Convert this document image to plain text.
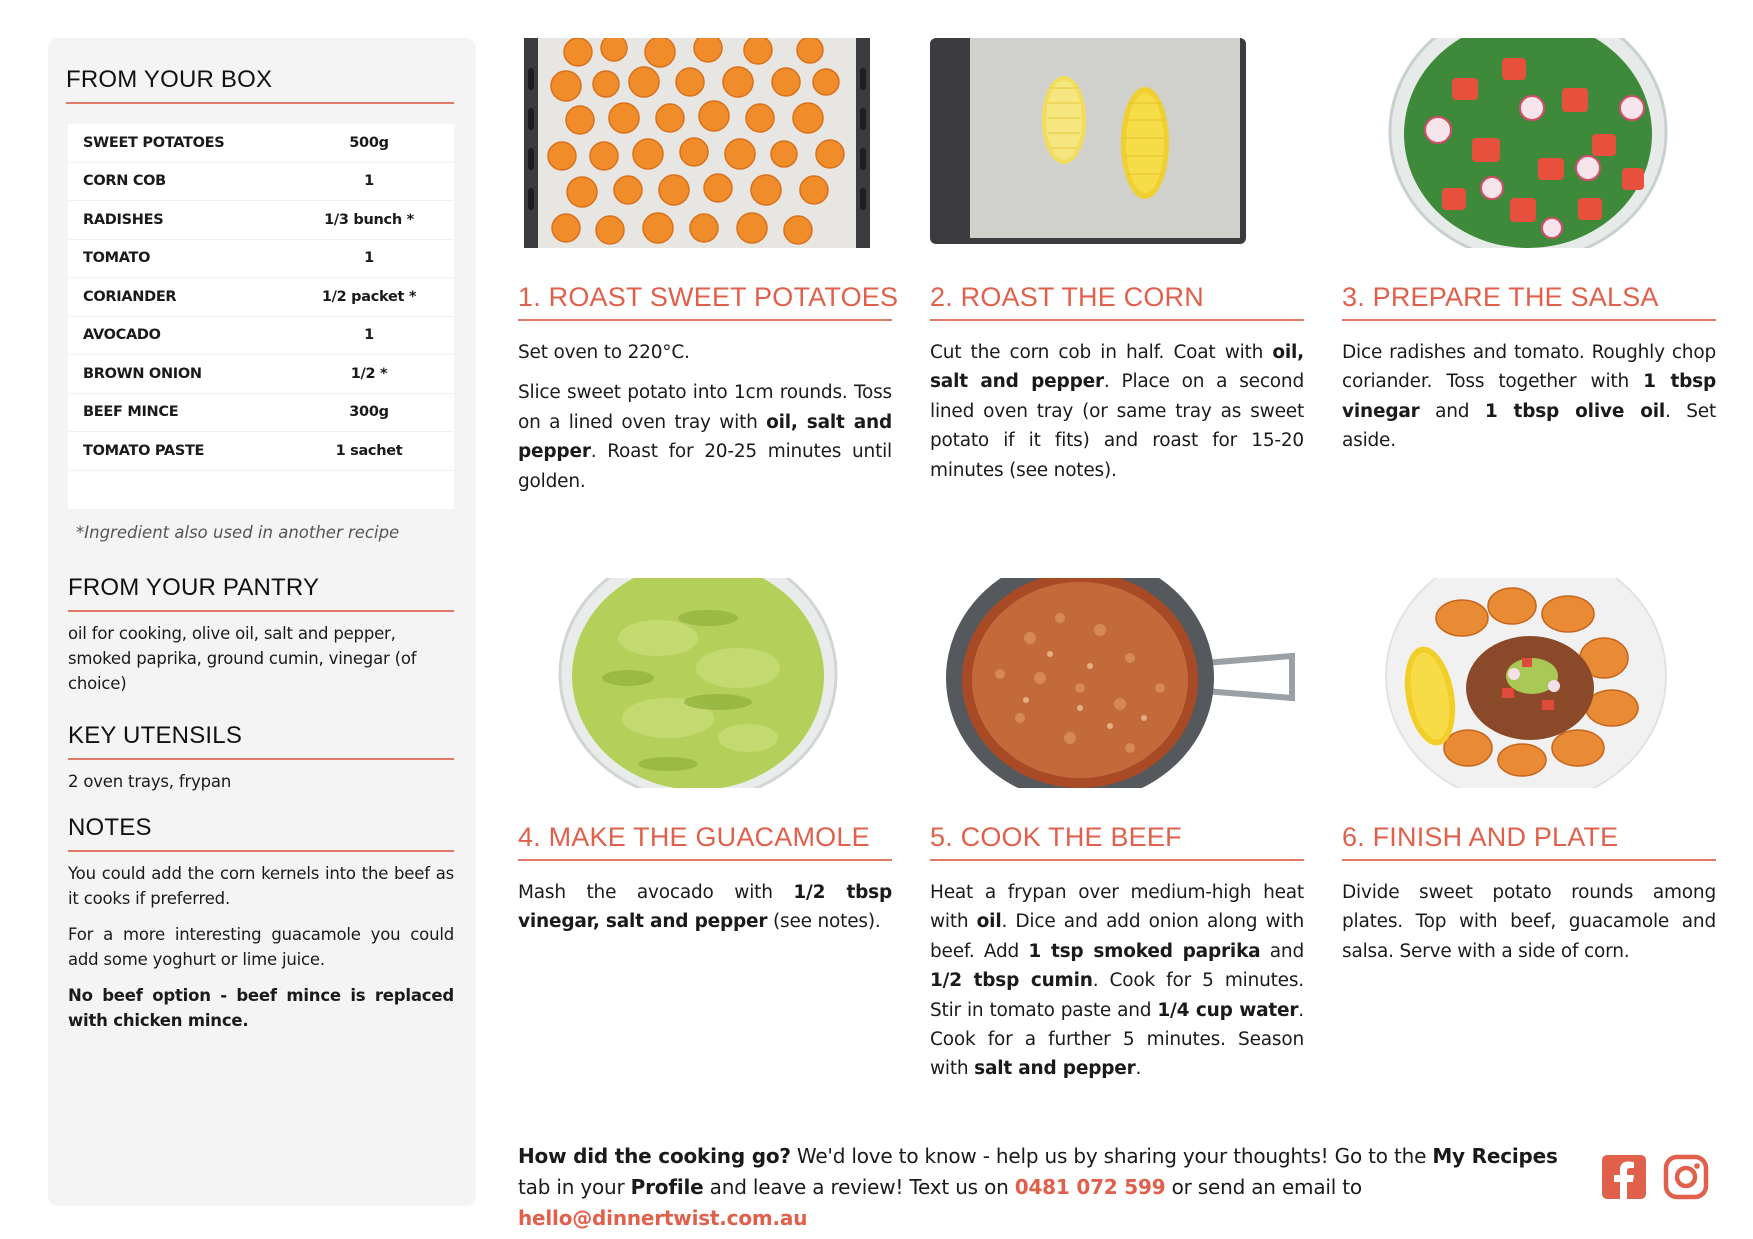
FROM YOUR BOX
SWEET POTATOES	500g
CORN COB	1
RADISHES	1/3 bunch *
TOMATO	1
CORIANDER	1/2 packet *
AVOCADO	1
BROWN ONION	1/2 *
BEEF MINCE	300g
TOMATO PASTE	1 sachet
*Ingredient also used in another recipe
FROM YOUR PANTRY
oil for cooking, olive oil, salt and pepper, smoked paprika, ground cumin, vinegar (of choice)
KEY UTENSILS
2 oven trays, frypan
NOTES

You could add the corn kernels into the beef as it cooks if preferred.

For a more interesting guacamole you could add some yoghurt or lime juice.

No beef option - beef mince is replaced with chicken mince.

1. ROAST SWEET POTATOES

Set oven to 220°C.

Slice sweet potato into 1cm rounds. Toss on a lined oven tray with oil, salt and pepper. Roast for 20-25 minutes until golden.

2. ROAST THE CORN

Cut the corn cob in half. Coat with oil, salt and pepper. Place on a second lined oven tray (or same tray as sweet potato if it fits) and roast for 15-20 minutes (see notes).

3. PREPARE THE SALSA

Dice radishes and tomato. Roughly chop coriander. Toss together with 1 tbsp vinegar and 1 tbsp olive oil. Set aside.

4. MAKE THE GUACAMOLE

Mash the avocado with 1/2 tbsp vinegar, salt and pepper (see notes).

5. COOK THE BEEF

Heat a frypan over medium-high heat with oil. Dice and add onion along with beef. Add 1 tsp smoked paprika and 1/2 tbsp cumin. Cook for 5 minutes. Stir in tomato paste and 1/4 cup water. Cook for a further 5 minutes. Season with salt and pepper.

6. FINISH AND PLATE

Divide sweet potato rounds among plates. Top with beef, guacamole and salsa. Serve with a side of corn.

How did the cooking go? We'd love to know - help us by sharing your thoughts! Go to the My Recipes tab in your Profile and leave a review! Text us on 0481 072 599 or send an email to hello@dinnertwist.com.au
